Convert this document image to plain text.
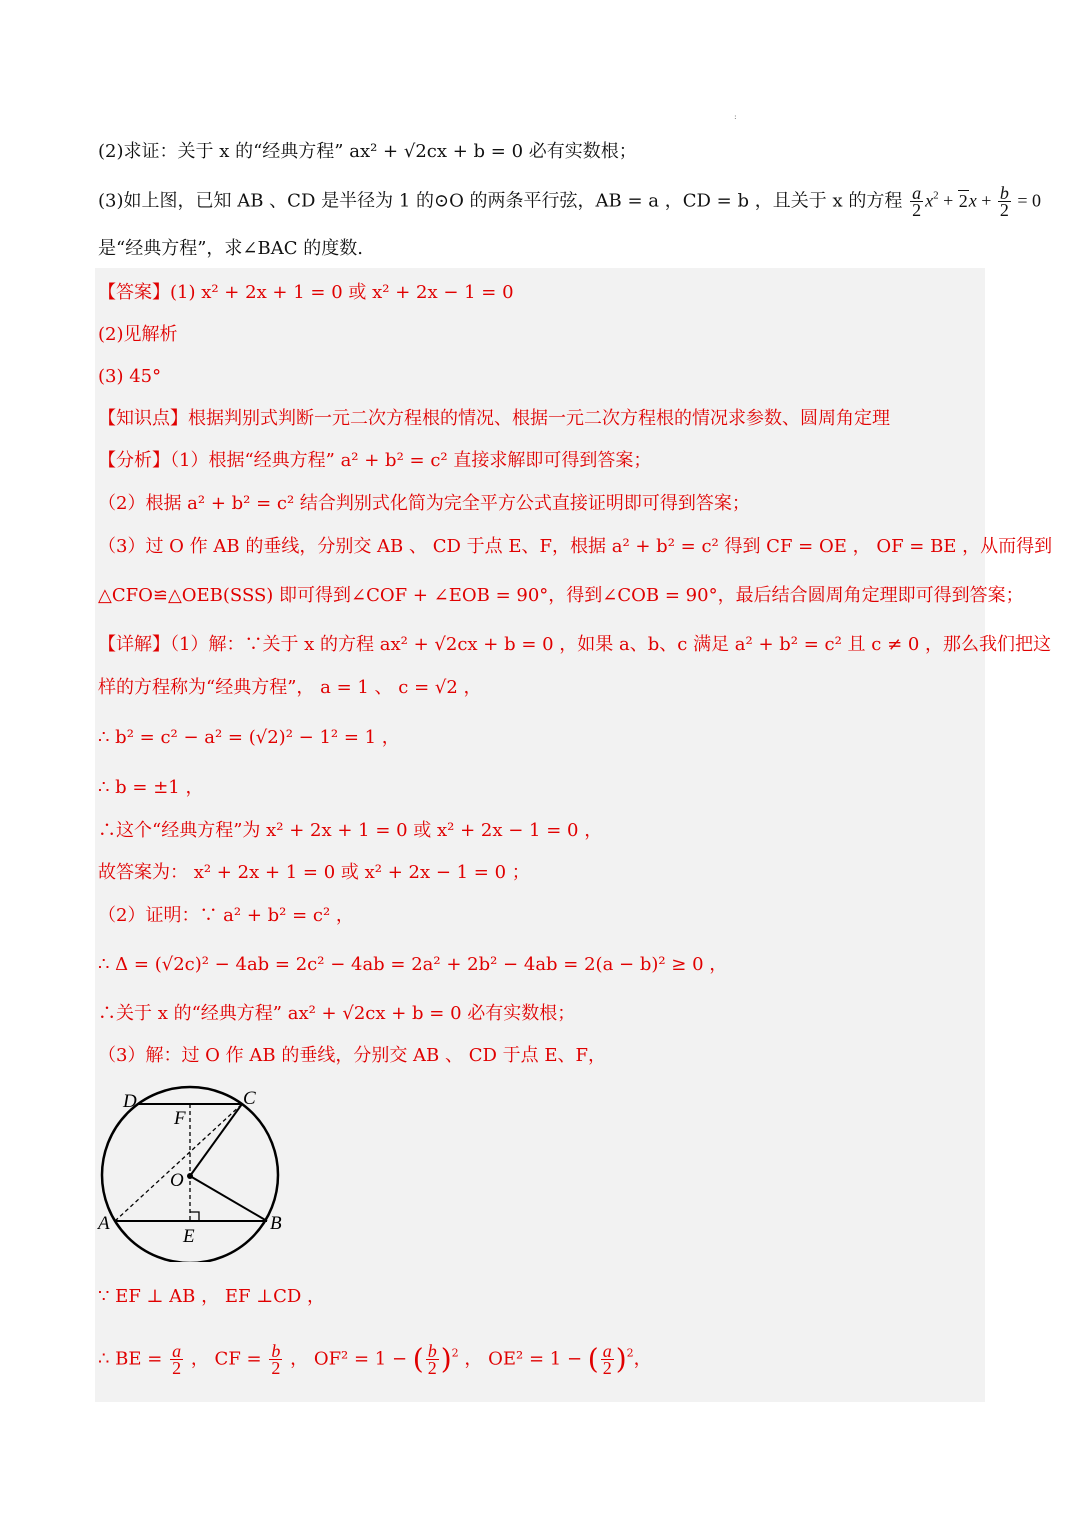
:
(2)求证：关于 x 的“经典方程” ax² + √2cx + b = 0 必有实数根；
(3)如上图，已知 AB 、CD 是半径为 1 的⊙O 的两条平行弦，AB = a ，CD = b ，且关于 x 的方程 $\frac{a}{2} x^2 + 2x + \frac{b}{2} = 0$
是“经典方程”，求∠BAC 的度数.
【答案】(1) x² + 2x + 1 = 0 或 x² + 2x − 1 = 0
(2)见解析
(3) 45°
【知识点】根据判别式判断一元二次方程根的情况、根据一元二次方程根的情况求参数、圆周角定理
【分析】（1）根据“经典方程” a² + b² = c² 直接求解即可得到答案；
（2）根据 a² + b² = c² 结合判别式化简为完全平方公式直接证明即可得到答案；
（3）过 O 作 AB 的垂线，分别交 AB 、 CD 于点 E、F，根据 a² + b² = c² 得到 CF = OE ， OF = BE ，从而得到
△CFO≌△OEB(SSS) 即可得到∠COF + ∠EOB = 90°，得到∠COB = 90°，最后结合圆周角定理即可得到答案；
【详解】（1）解：∵关于 x 的方程 ax² + √2cx + b = 0 ，如果 a、b、c 满足 a² + b² = c² 且 c ≠ 0 ，那么我们把这
样的方程称为“经典方程”， a = 1 、 c = √2 ，
∴ b² = c² − a² = (√2)² − 1² = 1 ，
∴ b = ±1 ，
∴这个“经典方程”为 x² + 2x + 1 = 0 或 x² + 2x − 1 = 0 ，
故答案为： x² + 2x + 1 = 0 或 x² + 2x − 1 = 0 ；
（2）证明：∵ a² + b² = c² ，
∴ Δ = (√2c)² − 4ab = 2c² − 4ab = 2a² + 2b² − 4ab = 2(a − b)² ≥ 0 ，
∴关于 x 的“经典方程” ax² + √2cx + b = 0 必有实数根；
（3）解：过 O 作 AB 的垂线，分别交 AB 、 CD 于点 E、F，
D	C
F
O
A	B
E
∵ EF ⊥ AB ， EF ⊥CD ，
∴ BE = $\frac{a}{2}$ ， CF = $\frac{b}{2}$ ， OF² = 1 − ( $\frac{b}{2} )^2$ ， OE² = 1 − ( $\frac{a}{2} )^2$，
